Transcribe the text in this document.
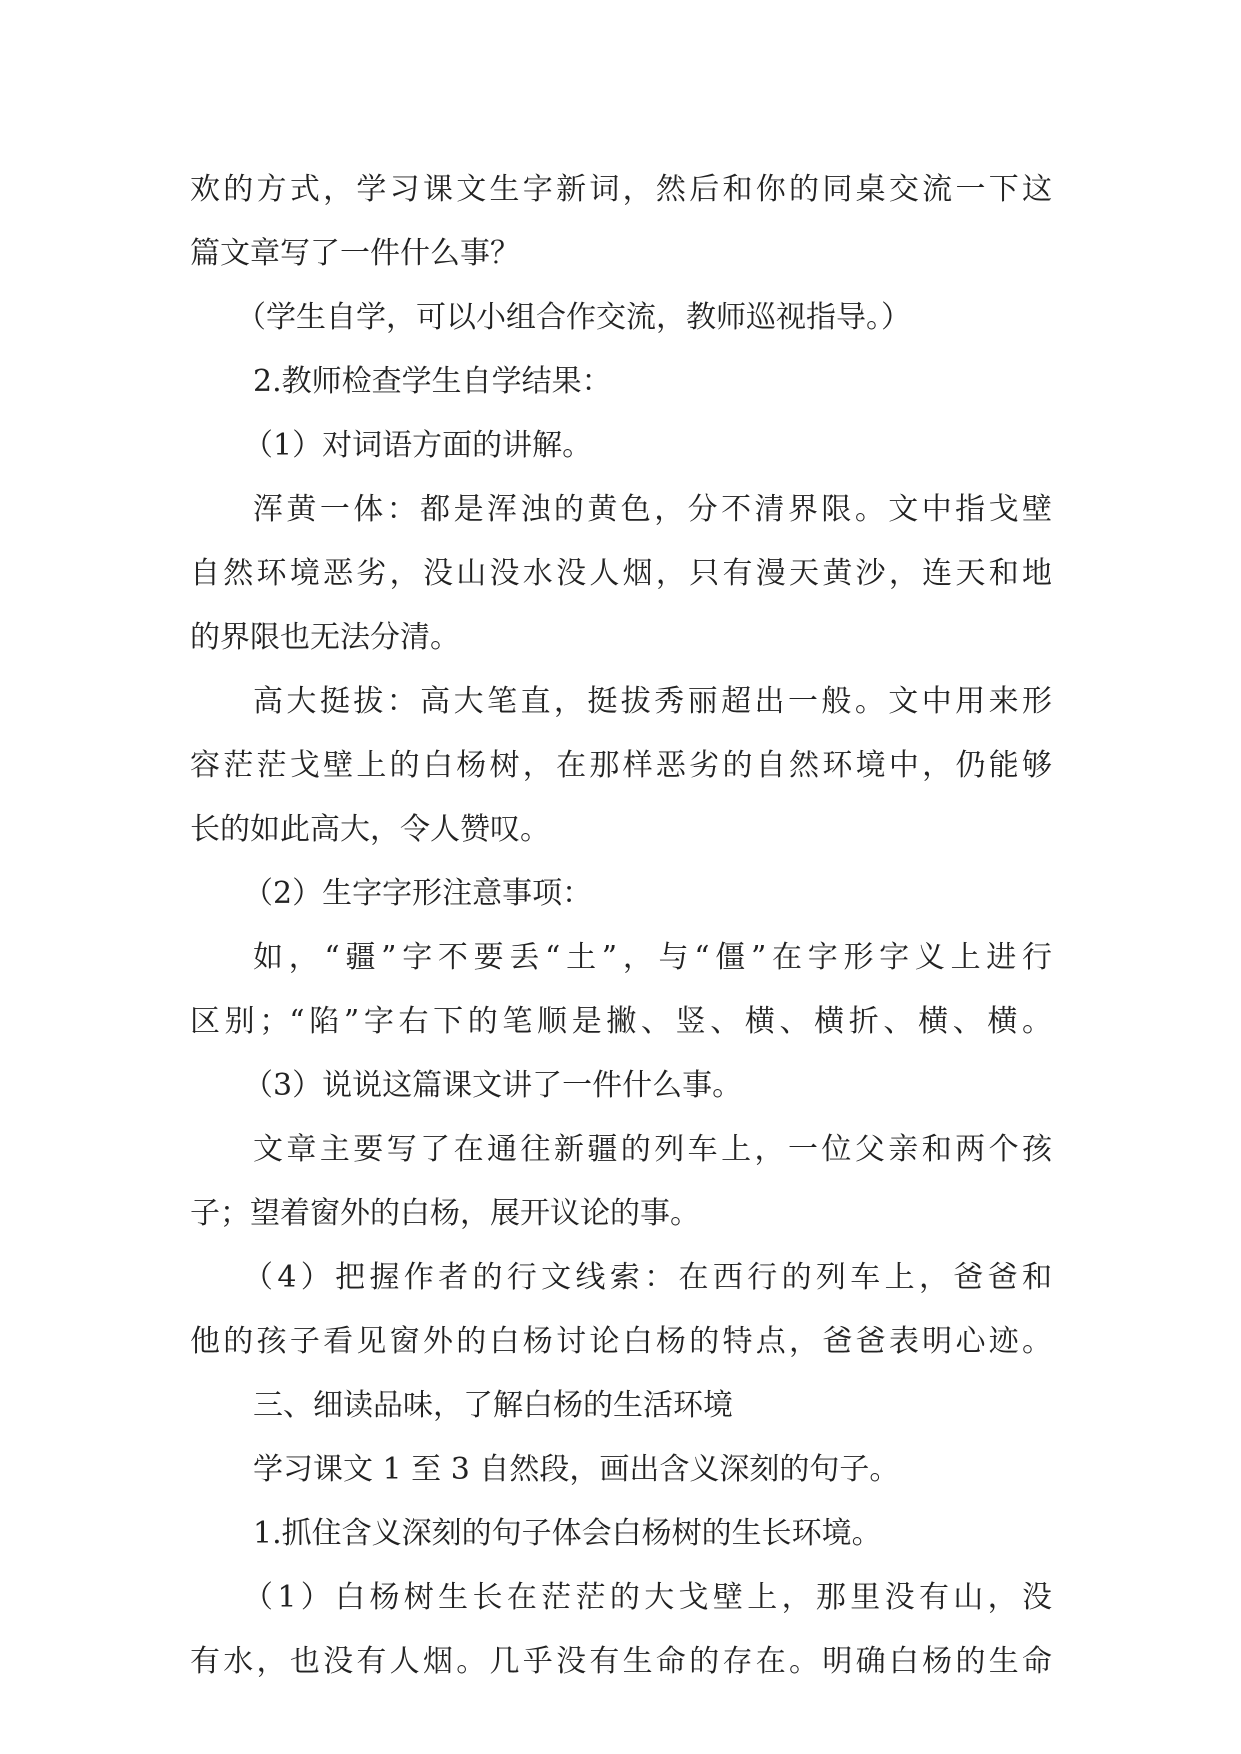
欢的方式，学习课文生字新词，然后和你的同桌交流一下这
篇文章写了一件什么事？
（学生自学，可以小组合作交流，教师巡视指导。）
2.教师检查学生自学结果：
（1）对词语方面的讲解。
浑黄一体：都是浑浊的黄色，分不清界限。文中指戈壁
自然环境恶劣，没山没水没人烟，只有漫天黄沙，连天和地
的界限也无法分清。
高大挺拔：高大笔直，挺拔秀丽超出一般。文中用来形
容茫茫戈壁上的白杨树，在那样恶劣的自然环境中，仍能够
长的如此高大，令人赞叹。
（2）生字字形注意事项：
如，“疆”字不要丢“土”，与“僵”在字形字义上进行
区别；“陷”字右下的笔顺是撇、竖、横、横折、横、横。
（3）说说这篇课文讲了一件什么事。
文章主要写了在通往新疆的列车上，一位父亲和两个孩
子；望着窗外的白杨，展开议论的事。
（4）把握作者的行文线索：在西行的列车上，爸爸和
他的孩子看见窗外的白杨讨论白杨的特点，爸爸表明心迹。
三、细读品味，了解白杨的生活环境
学习课文 1 至 3 自然段，画出含义深刻的句子。
1.抓住含义深刻的句子体会白杨树的生长环境。
（1）白杨树生长在茫茫的大戈壁上，那里没有山，没
有水，也没有人烟。几乎没有生命的存在。明确白杨的生命
